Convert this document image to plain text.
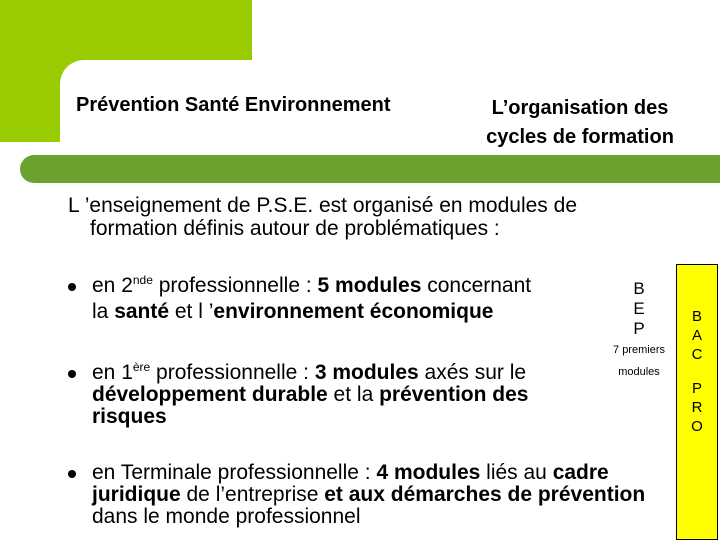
Prévention Santé Environnement	L’organisation des
cycles de formation
L ’enseignement de P.S.E. est organisé en modules de
formation définis autour de problématiques :
en 2nde professionnelle : 5 modules concernant
la santé et l ’environnement économique
en 1ère professionnelle : 3 modules axés sur le développement durable et la prévention des risques
en Terminale professionnelle : 4 modules liés au cadre juridique de l’entreprise et aux démarches de prévention dans le monde professionnel
B
E
P
7 premiers
modules
B
A
C
P
R
O
